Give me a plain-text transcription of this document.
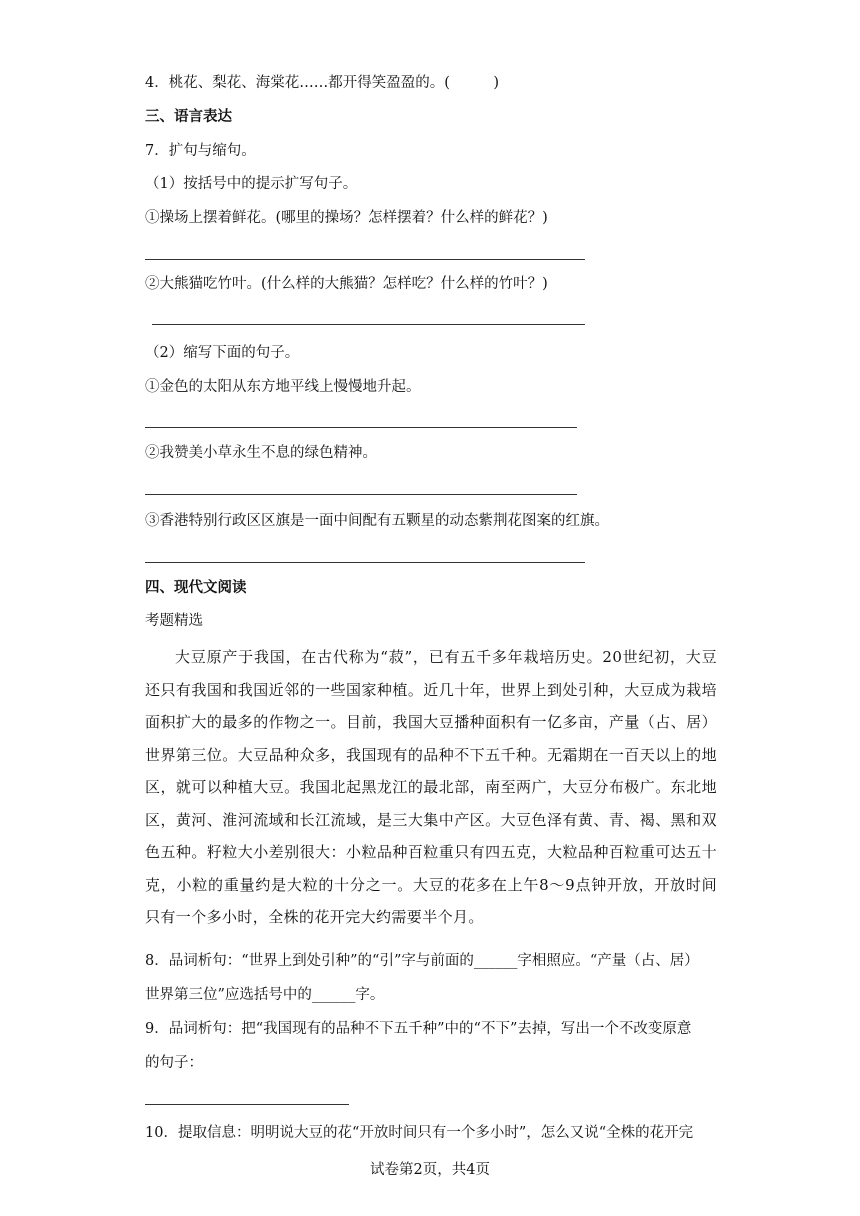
4．桃花、梨花、海棠花……都开得笑盈盈的。(　　　)
三、语言表达
7．扩句与缩句。
（1）按括号中的提示扩写句子。
①操场上摆着鲜花。(哪里的操场？怎样摆着？什么样的鲜花？)
②大熊猫吃竹叶。(什么样的大熊猫？怎样吃？什么样的竹叶？)
（2）缩写下面的句子。
①金色的太阳从东方地平线上慢慢地升起。
②我赞美小草永生不息的绿色精神。
③香港特别行政区区旗是一面中间配有五颗星的动态紫荆花图案的红旗。
四、现代文阅读
考题精选
大豆原产于我国，在古代称为“菽”，已有五千多年栽培历史。20世纪初，大豆还只有我国和我国近邻的一些国家种植。近几十年，世界上到处引种，大豆成为栽培面积扩大的最多的作物之一。目前，我国大豆播种面积有一亿多亩，产量（占、居）世界第三位。大豆品种众多，我国现有的品种不下五千种。无霜期在一百天以上的地区，就可以种植大豆。我国北起黑龙江的最北部，南至两广，大豆分布极广。东北地区，黄河、淮河流域和长江流域，是三大集中产区。大豆色泽有黄、青、褐、黑和双色五种。籽粒大小差别很大：小粒品种百粒重只有四五克，大粒品种百粒重可达五十克，小粒的重量约是大粒的十分之一。大豆的花多在上午8～9点钟开放，开放时间只有一个多小时，全株的花开完大约需要半个月。
8．品词析句：“世界上到处引种”的“引”字与前面的______字相照应。“产量（占、居）
世界第三位”应选括号中的______字。
9．品词析句：把“我国现有的品种不下五千种”中的“不下”去掉，写出一个不改变原意
的句子：
10．提取信息：明明说大豆的花“开放时间只有一个多小时”，怎么又说“全株的花开完
试卷第2页，共4页
